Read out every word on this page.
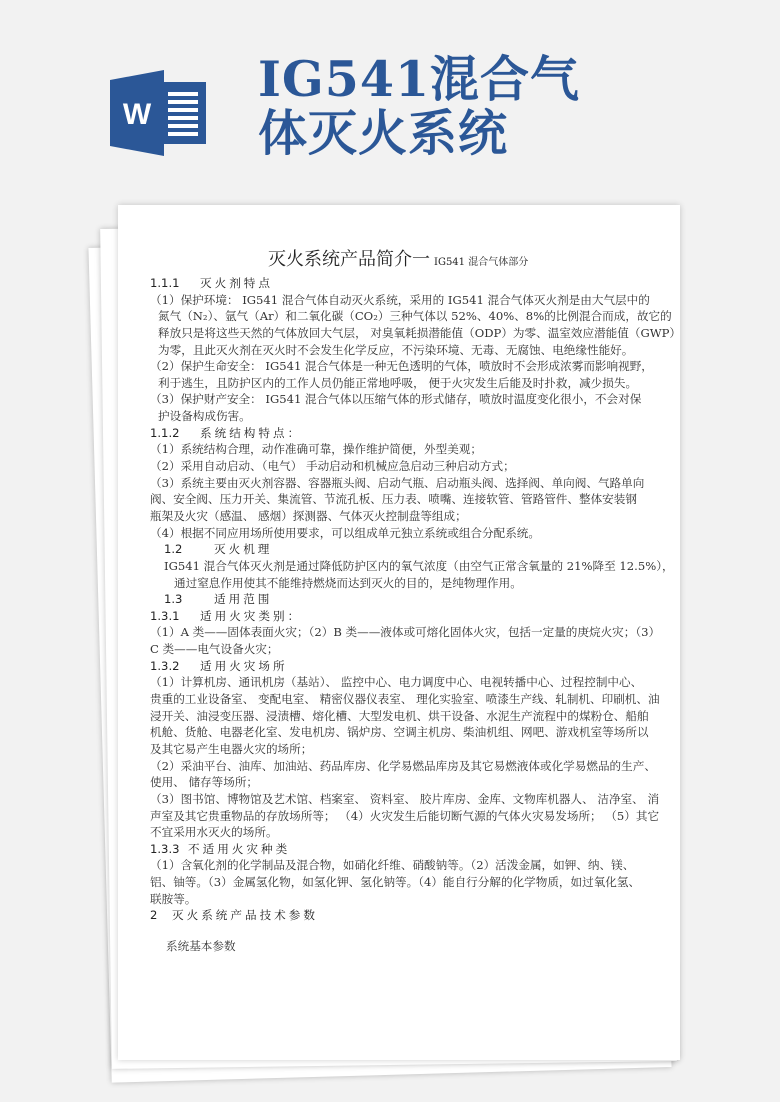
W
IG541混合气
体灭火系统
灭火系统产品简介一 IG541 混合气体部分
1.1.1 灭火剂特点
（1）保护环境： IG541 混合气体自动灭火系统，采用的 IG541 混合气体灭火剂是由大气层中的
氮气（N₂）、氩气（Ar）和二氧化碳（CO₂）三种气体以 52%、40%、8%的比例混合而成，故它的
释放只是将这些天然的气体放回大气层， 对臭氧耗损潜能值（ODP）为零、温室效应潜能值（GWP）
为零，且此灭火剂在灭火时不会发生化学反应，不污染环境、无毒、无腐蚀、电绝缘性能好。
（2）保护生命安全： IG541 混合气体是一种无色透明的气体，喷放时不会形成浓雾而影响视野，
利于逃生，且防护区内的工作人员仍能正常地呼吸， 便于火灾发生后能及时扑救，减少损失。
（3）保护财产安全： IG541 混合气体以压缩气体的形式储存，喷放时温度变化很小，不会对保
护设备构成伤害。
1.1.2 系统结构特点：
（1）系统结构合理，动作准确可靠，操作维护简便，外型美观；
（2）采用自动启动、（电气） 手动启动和机械应急启动三种启动方式；
（3）系统主要由灭火剂容器、容器瓶头阀、启动气瓶、启动瓶头阀、选择阀、单向阀、气路单向
阀、安全阀、压力开关、集流管、节流孔板、压力表、喷嘴、连接软管、管路管件、整体安装钢
瓶架及火灾（感温、 感烟）探测器、气体灭火控制盘等组成；
（4）根据不同应用场所使用要求，可以组成单元独立系统或组合分配系统。
1.2	灭火机理
IG541 混合气体灭火剂是通过降低防护区内的氧气浓度（由空气正常含氧量的 21%降至 12.5%），
通过窒息作用使其不能维持燃烧而达到灭火的目的，是纯物理作用。
1.3	适用范围
1.3.1 适用火灾类别：
（1）A 类——固体表面火灾；（2）B 类——液体或可熔化固体火灾，包括一定量的庚烷火灾；（3）
C 类——电气设备火灾；
1.3.2 适用火灾场所
（1）计算机房、通讯机房（基站）、 监控中心、电力调度中心、电视转播中心、过程控制中心、
贵重的工业设备室、 变配电室、 精密仪器仪表室、 理化实验室、喷漆生产线、轧制机、印刷机、油
浸开关、油浸变压器、浸渍槽、熔化槽、大型发电机、烘干设备、水泥生产流程中的煤粉仓、船舶
机舱、货舱、电器老化室、发电机房、锅炉房、空调主机房、柴油机组、网吧、游戏机室等场所以
及其它易产生电器火灾的场所；
（2）采油平台、油库、加油站、药品库房、化学易燃品库房及其它易燃液体或化学易燃品的生产、
使用、 储存等场所；
（3）图书馆、博物馆及艺术馆、档案室、 资料室、 胶片库房、金库、文物库机器人、 洁净室、 消
声室及其它贵重物品的存放场所等； （4）火灾发生后能切断气源的气体火灾易发场所； （5）其它
不宜采用水灭火的场所。
1.3.3 不适用火灾种类
（1）含氧化剂的化学制品及混合物，如硝化纤维、硝酸钠等。（2）活泼金属，如钾、纳、镁、
铝、铀等。（3）金属氢化物，如氢化钾、氢化钠等。（4）能自行分解的化学物质，如过氧化氢、
联胺等。
2 灭火系统产品技术参数
系统基本参数
